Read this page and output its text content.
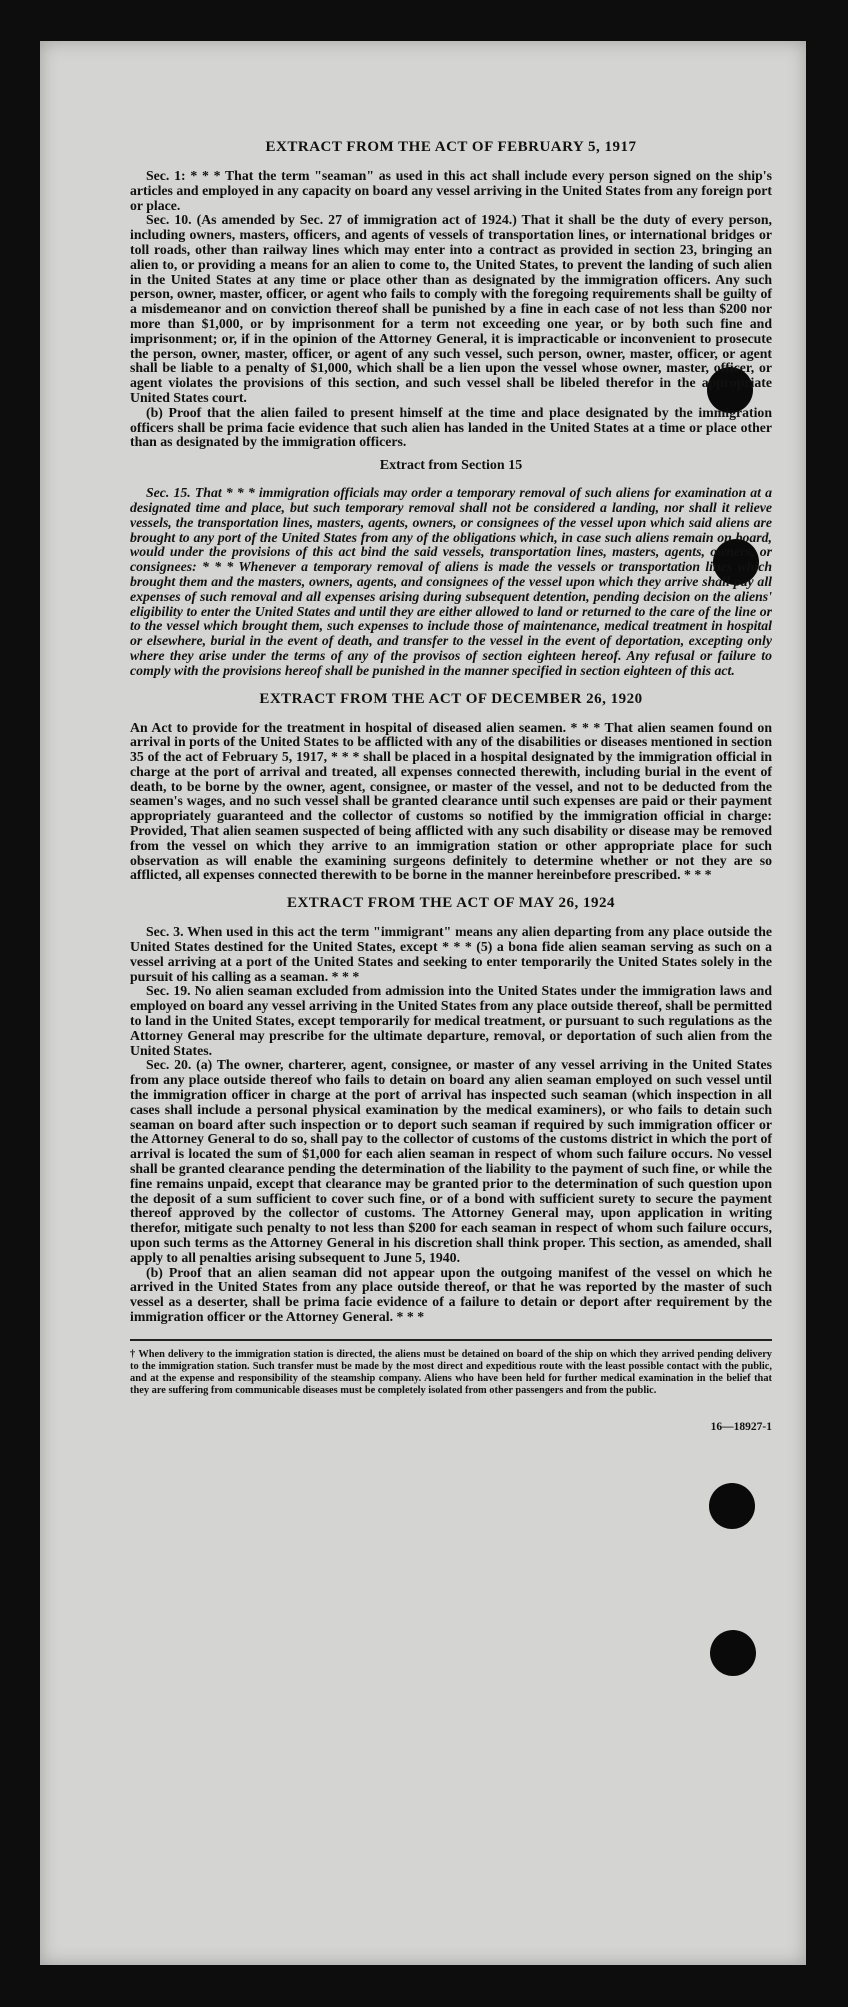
EXTRACT FROM THE ACT OF FEBRUARY 5, 1917

Sec. 1: * * * That the term "seaman" as used in this act shall include every person signed on the ship's articles and employed in any capacity on board any vessel arriving in the United States from any foreign port or place.

Sec. 10. (As amended by Sec. 27 of immigration act of 1924.) That it shall be the duty of every person, including owners, masters, officers, and agents of vessels of transportation lines, or international bridges or toll roads, other than railway lines which may enter into a contract as provided in section 23, bringing an alien to, or providing a means for an alien to come to, the United States, to prevent the landing of such alien in the United States at any time or place other than as designated by the immigration officers. Any such person, owner, master, officer, or agent who fails to comply with the foregoing requirements shall be guilty of a misdemeanor and on conviction thereof shall be punished by a fine in each case of not less than $200 nor more than $1,000, or by imprisonment for a term not exceeding one year, or by both such fine and imprisonment; or, if in the opinion of the Attorney General, it is impracticable or inconvenient to prosecute the person, owner, master, officer, or agent of any such vessel, such person, owner, master, officer, or agent shall be liable to a penalty of $1,000, which shall be a lien upon the vessel whose owner, master, officer, or agent violates the provisions of this section, and such vessel shall be libeled therefor in the appropriate United States court.

(b) Proof that the alien failed to present himself at the time and place designated by the immigration officers shall be prima facie evidence that such alien has landed in the United States at a time or place other than as designated by the immigration officers.

Extract from Section 15

Sec. 15. That * * * immigration officials may order a temporary removal of such aliens for examination at a designated time and place, but such temporary removal shall not be considered a landing, nor shall it relieve vessels, the transportation lines, masters, agents, owners, or consignees of the vessel upon which said aliens are brought to any port of the United States from any of the obligations which, in case such aliens remain on board, would under the provisions of this act bind the said vessels, transportation lines, masters, agents, owners, or consignees: * * * Whenever a temporary removal of aliens is made the vessels or transportation lines which brought them and the masters, owners, agents, and consignees of the vessel upon which they arrive shall pay all expenses of such removal and all expenses arising during subsequent detention, pending decision on the aliens' eligibility to enter the United States and until they are either allowed to land or returned to the care of the line or to the vessel which brought them, such expenses to include those of maintenance, medical treatment in hospital or elsewhere, burial in the event of death, and transfer to the vessel in the event of deportation, excepting only where they arise under the terms of any of the provisos of section eighteen hereof. Any refusal or failure to comply with the provisions hereof shall be punished in the manner specified in section eighteen of this act.

EXTRACT FROM THE ACT OF DECEMBER 26, 1920

An Act to provide for the treatment in hospital of diseased alien seamen. * * * That alien seamen found on arrival in ports of the United States to be afflicted with any of the disabilities or diseases mentioned in section 35 of the act of February 5, 1917, * * * shall be placed in a hospital designated by the immigration official in charge at the port of arrival and treated, all expenses connected therewith, including burial in the event of death, to be borne by the owner, agent, consignee, or master of the vessel, and not to be deducted from the seamen's wages, and no such vessel shall be granted clearance until such expenses are paid or their payment appropriately guaranteed and the collector of customs so notified by the immigration official in charge: Provided, That alien seamen suspected of being afflicted with any such disability or disease may be removed from the vessel on which they arrive to an immigration station or other appropriate place for such observation as will enable the examining surgeons definitely to determine whether or not they are so afflicted, all expenses connected therewith to be borne in the manner hereinbefore prescribed. * * *

EXTRACT FROM THE ACT OF MAY 26, 1924

Sec. 3. When used in this act the term "immigrant" means any alien departing from any place outside the United States destined for the United States, except * * * (5) a bona fide alien seaman serving as such on a vessel arriving at a port of the United States and seeking to enter temporarily the United States solely in the pursuit of his calling as a seaman. * * *

Sec. 19. No alien seaman excluded from admission into the United States under the immigration laws and employed on board any vessel arriving in the United States from any place outside thereof, shall be permitted to land in the United States, except temporarily for medical treatment, or pursuant to such regulations as the Attorney General may prescribe for the ultimate departure, removal, or deportation of such alien from the United States.

Sec. 20. (a) The owner, charterer, agent, consignee, or master of any vessel arriving in the United States from any place outside thereof who fails to detain on board any alien seaman employed on such vessel until the immigration officer in charge at the port of arrival has inspected such seaman (which inspection in all cases shall include a personal physical examination by the medical examiners), or who fails to detain such seaman on board after such inspection or to deport such seaman if required by such immigration officer or the Attorney General to do so, shall pay to the collector of customs of the customs district in which the port of arrival is located the sum of $1,000 for each alien seaman in respect of whom such failure occurs. No vessel shall be granted clearance pending the determination of the liability to the payment of such fine, or while the fine remains unpaid, except that clearance may be granted prior to the determination of such question upon the deposit of a sum sufficient to cover such fine, or of a bond with sufficient surety to secure the payment thereof approved by the collector of customs. The Attorney General may, upon application in writing therefor, mitigate such penalty to not less than $200 for each seaman in respect of whom such failure occurs, upon such terms as the Attorney General in his discretion shall think proper. This section, as amended, shall apply to all penalties arising subsequent to June 5, 1940.

(b) Proof that an alien seaman did not appear upon the outgoing manifest of the vessel on which he arrived in the United States from any place outside thereof, or that he was reported by the master of such vessel as a deserter, shall be prima facie evidence of a failure to detain or deport after requirement by the immigration officer or the Attorney General. * * *

† When delivery to the immigration station is directed, the aliens must be detained on board of the ship on which they arrived pending delivery to the immigration station. Such transfer must be made by the most direct and expeditious route with the least possible contact with the public, and at the expense and responsibility of the steamship company. Aliens who have been held for further medical examination in the belief that they are suffering from communicable diseases must be completely isolated from other passengers and from the public.
16—18927-1
